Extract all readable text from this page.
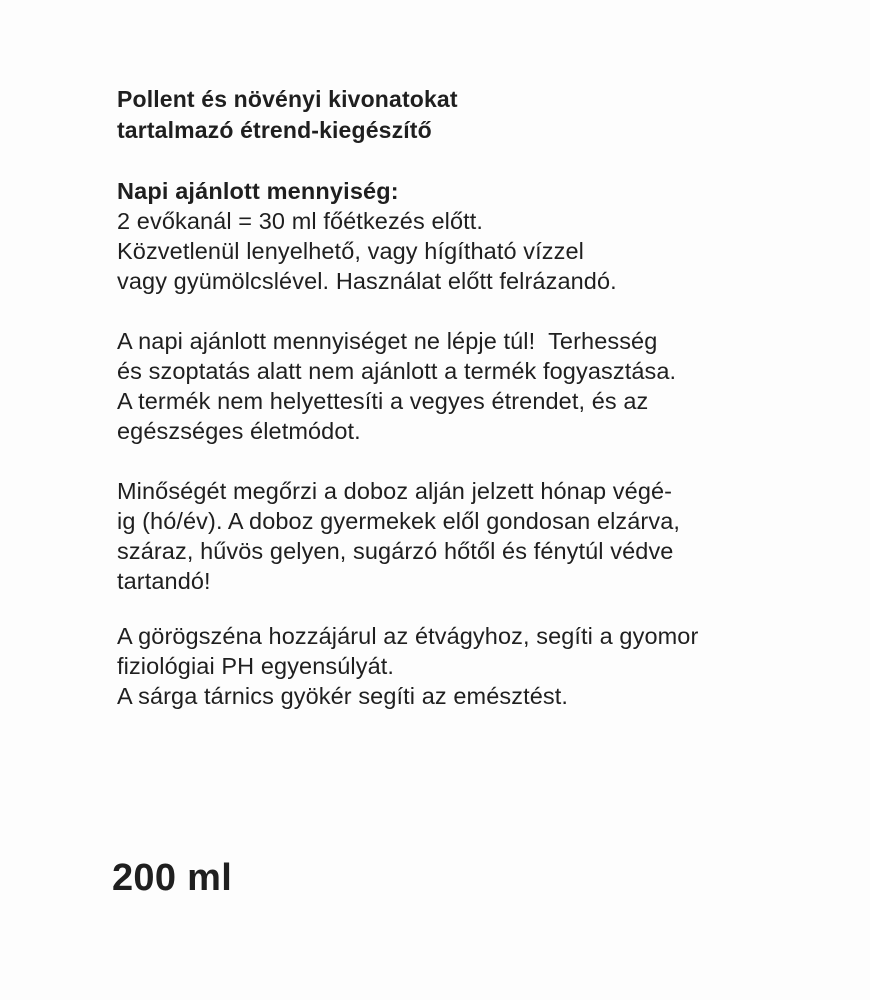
Pollent és növényi kivonatokat
tartalmazó étrend-kiegészítő
Napi ajánlott mennyiség:
2 evőkanál = 30 ml főétkezés előtt.
Közvetlenül lenyelhető, vagy hígítható vízzel
vagy gyümölcslével. Használat előtt felrázandó.
A napi ajánlott mennyiséget ne lépje túl!  Terhesség
és szoptatás alatt nem ajánlott a termék fogyasztása.
A termék nem helyettesíti a vegyes étrendet, és az
egészséges életmódot.
Minőségét megőrzi a doboz alján jelzett hónap végé-
ig (hó/év). A doboz gyermekek elől gondosan elzárva,
száraz, hűvös gelyen, sugárzó hőtől és fénytúl védve
tartandó!
A görögszéna hozzájárul az étvágyhoz, segíti a gyomor
fiziológiai PH egyensúlyát.
A sárga tárnics gyökér segíti az emésztést.
200 ml
